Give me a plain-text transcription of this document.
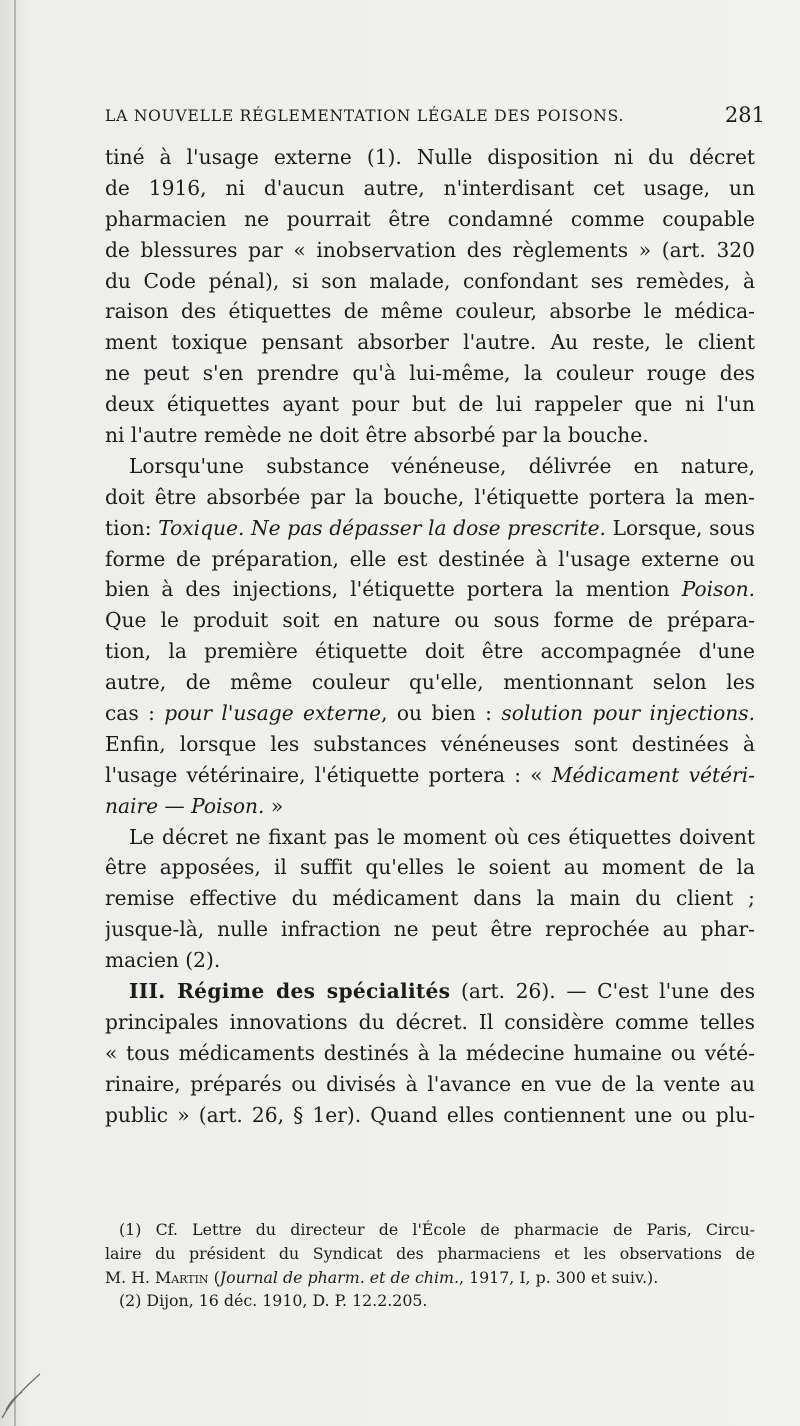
LA NOUVELLE RÉGLEMENTATION LÉGALE DES POISONS.	281
tiné à l'usage externe (1). Nulle disposition ni du décret
de 1916, ni d'aucun autre, n'interdisant cet usage, un
pharmacien ne pourrait être condamné comme coupable
de blessures par « inobservation des règlements » (art. 320
du Code pénal), si son malade, confondant ses remèdes, à
raison des étiquettes de même couleur, absorbe le médica-
ment toxique pensant absorber l'autre. Au reste, le client
ne peut s'en prendre qu'à lui-même, la couleur rouge des
deux étiquettes ayant pour but de lui rappeler que ni l'un
ni l'autre remède ne doit être absorbé par la bouche.
Lorsqu'une substance vénéneuse, délivrée en nature,
doit être absorbée par la bouche, l'étiquette portera la men-
tion: Toxique. Ne pas dépasser la dose prescrite. Lorsque, sous
forme de préparation, elle est destinée à l'usage externe ou
bien à des injections, l'étiquette portera la mention Poison.
Que le produit soit en nature ou sous forme de prépara-
tion, la première étiquette doit être accompagnée d'une
autre, de même couleur qu'elle, mentionnant selon les
cas : pour l'usage externe, ou bien : solution pour injections.
Enfin, lorsque les substances vénéneuses sont destinées à
l'usage vétérinaire, l'étiquette portera : « Médicament vétéri-
naire — Poison. »
Le décret ne fixant pas le moment où ces étiquettes doivent
être apposées, il suffit qu'elles le soient au moment de la
remise effective du médicament dans la main du client ;
jusque-là, nulle infraction ne peut être reprochée au phar-
macien (2).
III. Régime des spécialités (art. 26). — C'est l'une des
principales innovations du décret. Il considère comme telles
« tous médicaments destinés à la médecine humaine ou vété-
rinaire, préparés ou divisés à l'avance en vue de la vente au
public » (art. 26, § 1er). Quand elles contiennent une ou plu-
(1) Cf. Lettre du directeur de l'École de pharmacie de Paris, Circu-
laire du président du Syndicat des pharmaciens et les observations de
M. H. Martin (Journal de pharm. et de chim., 1917, I, p. 300 et suiv.).
(2) Dijon, 16 déc. 1910, D. P. 12.2.205.
